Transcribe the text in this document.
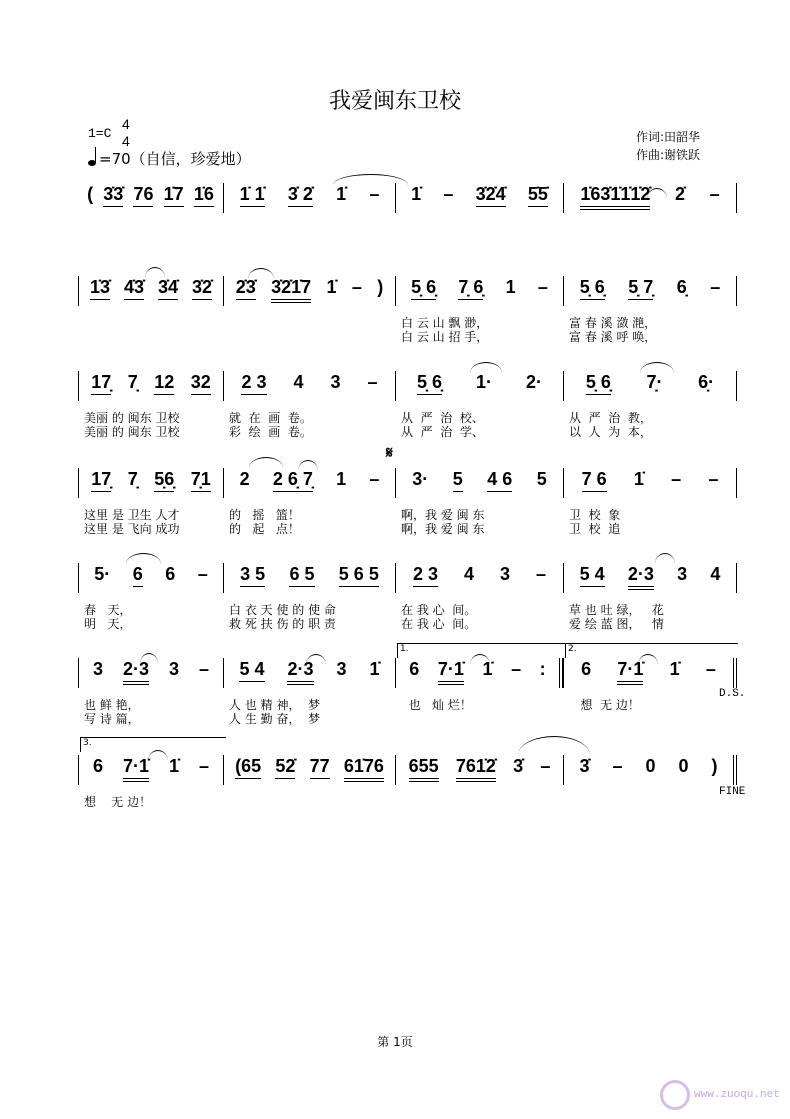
我爱闽东卫校
1=C
4
4
=70（自信，珍爱地）
作词:田韶华
作曲:谢铁跃
( 3̇3̇ 76 1̇7 1̇6 1̇ 1̇ 3̇ 2̇ 1̇ – 1̇ – 3̇2̇4̇ 5̇5̇ 1̇63̇1̇1̇1̇2̇ 2̇ –
1̇3̇ 4̇3̇ 3̇4̇ 3̇2̇ 2̇3̇ 3̇2̇1̇7 1̇ – ) 5̣ 6̣ 7̣ 6̣ 1 – 5̣ 6̣ 5̣ 7̣ 6̣ –
白 云 山 飘 渺，	富 春 溪 潋 滟，
白 云 山 招 手，	富 春 溪 呼 唤，
17̣ 7̣ 12 32 2 3 4 3 – 5̣ 6̣ 1· 2· 5̣ 6̣ 7̣· 6̣·
美丽 的 闽东 卫校	就  在  画  卷。	从  严  治  校、	从  严  治  教，
美丽 的 闽东 卫校	彩  绘  画  卷。	从  严  治  学、	以  人  为  本，
17̣ 7̣ 5̣6̣ 7̣1 2 2 6̣ 7̣ 1 – 3· 5 4 6 5 7 6 1̇ – –
这里 是 卫生 人才	的   摇   篮！	啊，我 爱 闽 东	卫  校  象
这里 是 飞向 成功	的   起   点！	啊，我 爱 闽 东	卫  校  追
5· 6 6 – 3 5 6 5 5 6 5 2 3 4 3 – 5 4 2·3 3 4
春   天，	白 衣 天 使 的 使 命	在 我 心  间。	草 也 吐 绿，   花
明   天，	救 死 扶 伤 的 职 责	在 我 心  间。	爱 绘 蓝 图，   情
3 2·3 3 – 5 4 2·3 3 1̇ 6 7·1̇ 1̇ – : 6 7·1̇ 1̇ –
也 鲜 艳，	人 也 精 神，  梦	也   灿 烂！	想  无 边！
写 诗 篇，	人 生 勤 奋，  梦
6 7·1̇ 1̇ – (65 52̇ 77 61̇76 655 761̇2̇ 3̇ – 3̇ – 0 0 )
想    无 边！
𝄋
1.	2.
3.
D.S.
FINE
第 1页
www.zuoqu.net
